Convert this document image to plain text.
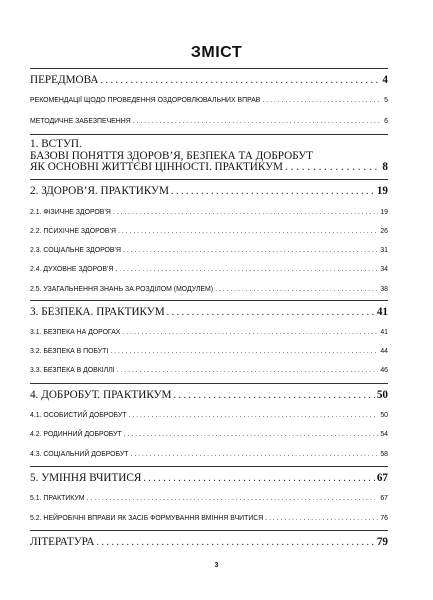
ЗМІСТ
ПЕРЕДМОВА . . .	4
РЕКОМЕНДАЦІЇ ЩОДО ПРОВЕДЕННЯ ОЗДОРОВЛЮВАЛЬНИХ ВПРАВ . . .	5
МЕТОДИЧНЕ ЗАБЕЗПЕЧЕННЯ . . .	6
1. ВСТУП.
БАЗОВІ ПОНЯТТЯ ЗДОРОВ’Я, БЕЗПЕКА ТА ДОБРОБУТ
ЯК ОСНОВНІ ЖИТТЄВІ ЦІННОСТІ. ПРАКТИКУМ . . .	8
2. ЗДОРОВ’Я. ПРАКТИКУМ . . .	19
2.1. ФІЗИЧНЕ ЗДОРОВ’Я . . .	19
2.2. ПСИХІЧНЕ ЗДОРОВ’Я . . .	26
2.3. СОЦІАЛЬНЕ ЗДОРОВ’Я . . .	31
2.4. ДУХОВНЕ ЗДОРОВ’Я . . .	34
2.5. УЗАГАЛЬНЕННЯ ЗНАНЬ ЗА РОЗДІЛОМ (МОДУЛЕМ) . . .	38
3. БЕЗПЕКА. ПРАКТИКУМ . . .	41
3.1. БЕЗПЕКА НА ДОРОГАХ . . .	41
3.2. БЕЗПЕКА В ПОБУТІ . . .	44
3.3. БЕЗПЕКА В ДОВКІЛЛІ . . .	46
4. ДОБРОБУТ. ПРАКТИКУМ . . .	50
4.1. ОСОБИСТИЙ ДОБРОБУТ . . .	50
4.2. РОДИННИЙ ДОБРОБУТ . . .	54
4.3. СОЦІАЛЬНИЙ ДОБРОБУТ . . .	58
5. УМІННЯ ВЧИТИСЯ . . .	67
5.1. ПРАКТИКУМ . . .	67
5.2. НЕЙРОБІЧНІ ВПРАВИ ЯК ЗАСІБ ФОРМУВАННЯ ВМІННЯ ВЧИТИСЯ . . .	76
ЛІТЕРАТУРА . . .	79
3
